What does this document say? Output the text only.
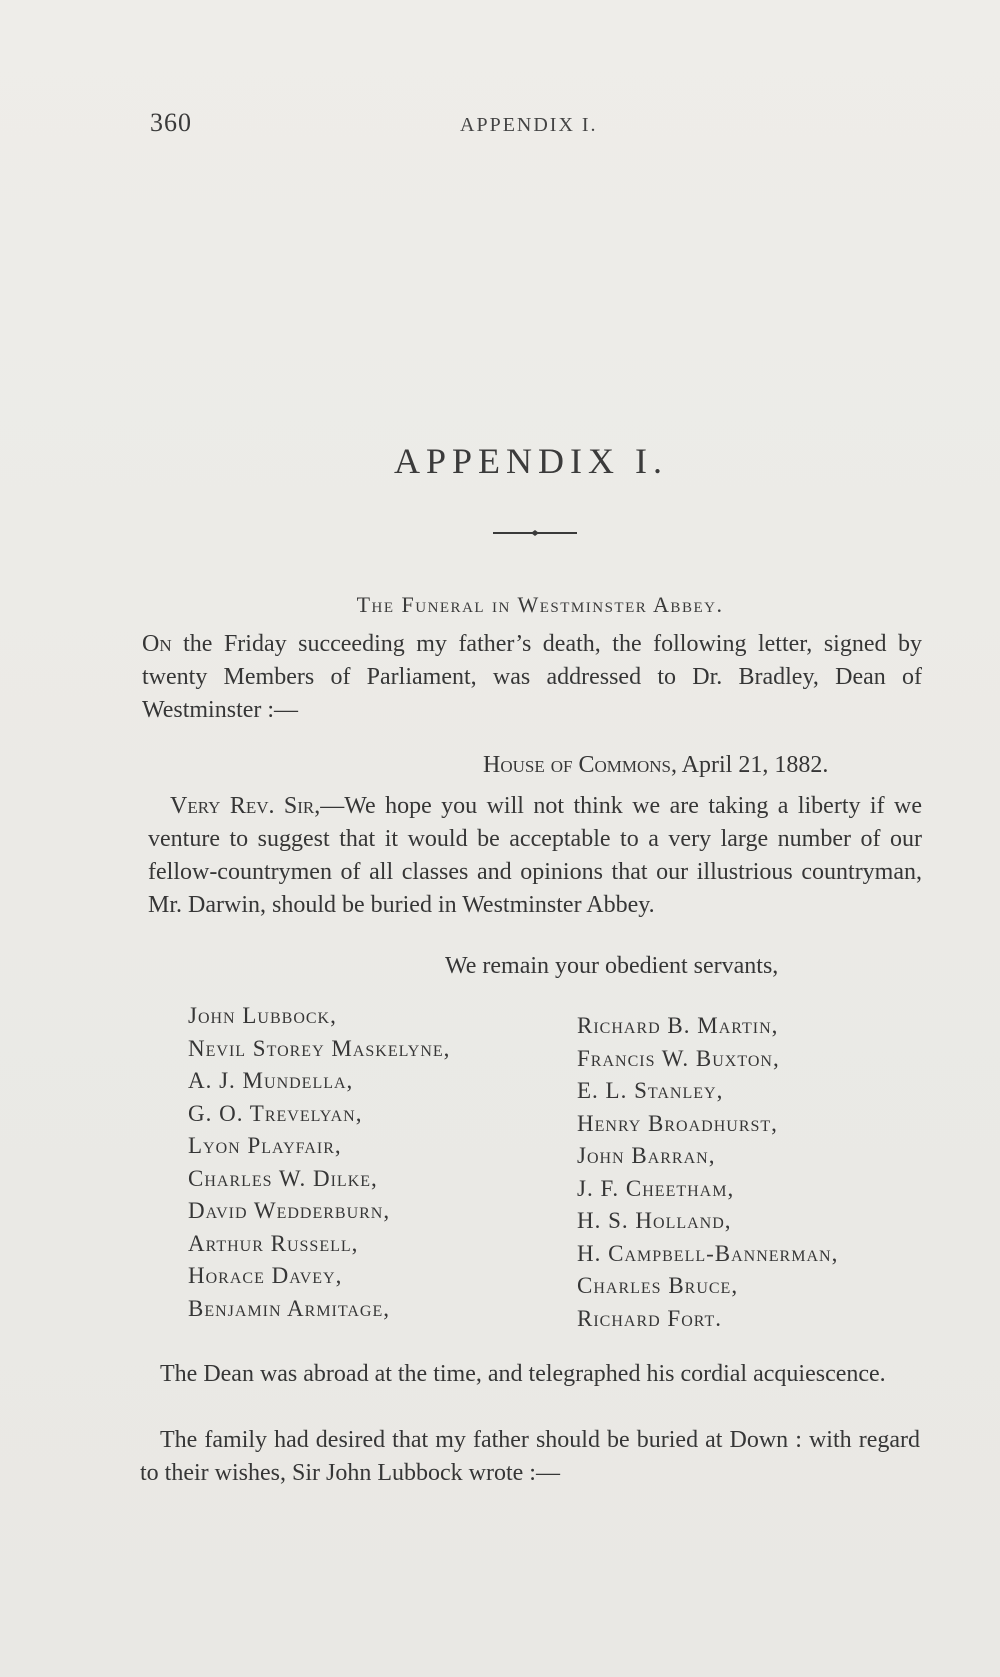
360	APPENDIX I.
APPENDIX I.
The Funeral in Westminster Abbey.
On the Friday succeeding my father’s death, the following letter, signed by twenty Members of Parliament, was addressed to Dr. Bradley, Dean of Westminster :—
House of Commons, April 21, 1882.
Very Rev. Sir,—We hope you will not think we are taking a liberty if we venture to suggest that it would be acceptable to a very large number of our fellow-countrymen of all classes and opinions that our illustrious countryman, Mr. Darwin, should be buried in Westminster Abbey.
We remain your obedient servants,
John Lubbock,
Nevil Storey Maskelyne,
A. J. Mundella,
G. O. Trevelyan,
Lyon Playfair,
Charles W. Dilke,
David Wedderburn,
Arthur Russell,
Horace Davey,
Benjamin Armitage,
Richard B. Martin,
Francis W. Buxton,
E. L. Stanley,
Henry Broadhurst,
John Barran,
J. F. Cheetham,
H. S. Holland,
H. Campbell-Bannerman,
Charles Bruce,
Richard Fort.
The Dean was abroad at the time, and telegraphed his cordial acquiescence.
The family had desired that my father should be buried at Down : with regard to their wishes, Sir John Lubbock wrote :—
